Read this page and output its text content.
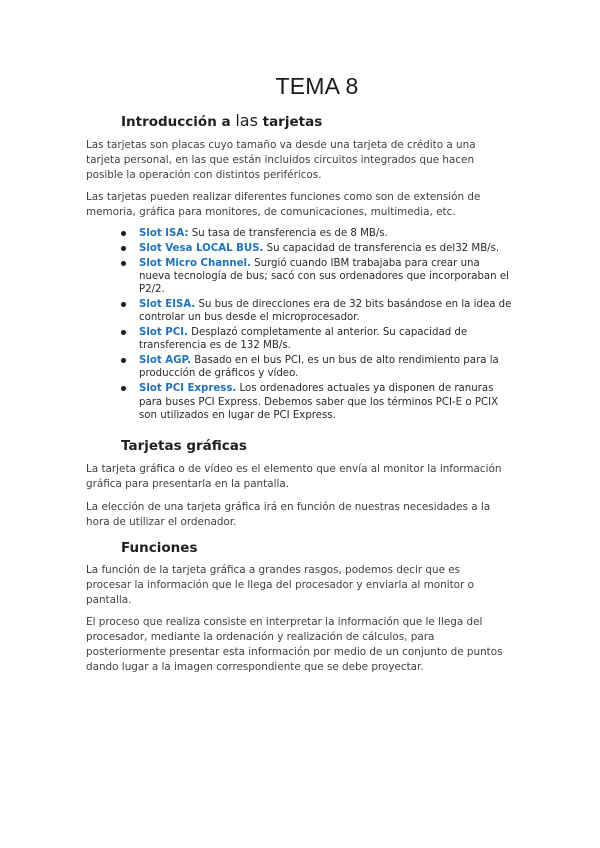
TEMA 8
Introducción a las tarjetas

Las tarjetas son placas cuyo tamaño va desde una tarjeta de crédito a una tarjeta personal, en las que están incluidos circuitos integrados que hacen posible la operación con distintos periféricos.

Las tarjetas pueden realizar diferentes funciones como son de extensión de memoria, gráfica para monitores, de comunicaciones, multimedia, etc.

Slot ISA: Su tasa de transferencia es de 8 MB/s.
Slot Vesa LOCAL BUS. Su capacidad de transferencia es del32 MB/s.
Slot Micro Channel. Surgió cuando IBM trabajaba para crear una nueva tecnología de bus; sacó con sus ordenadores que incorporaban el P2/2.
Slot EISA. Su bus de direcciones era de 32 bits basándose en la idea de controlar un bus desde el microprocesador.
Slot PCI. Desplazó completamente al anterior. Su capacidad de transferencia es de 132 MB/s.
Slot AGP. Basado en el bus PCI, es un bus de alto rendimiento para la producción de gráficos y vídeo.
Slot PCI Express. Los ordenadores actuales ya disponen de ranuras para buses PCI Express. Debemos saber que los términos PCI-E o PCIX son utilizados en lugar de PCI Express.
Tarjetas gráficas

La tarjeta gráfica o de vídeo es el elemento que envía al monitor la información gráfica para presentarla en la pantalla.

La elección de una tarjeta gráfica irá en función de nuestras necesidades a la hora de utilizar el ordenador.

Funciones

La función de la tarjeta gráfica a grandes rasgos, podemos decir que es procesar la información que le llega del procesador y enviarla al monitor o pantalla.

El proceso que realiza consiste en interpretar la información que le llega del procesador, mediante la ordenación y realización de cálculos, para posteriormente presentar esta información por medio de un conjunto de puntos dando lugar a la imagen correspondiente que se debe proyectar.
